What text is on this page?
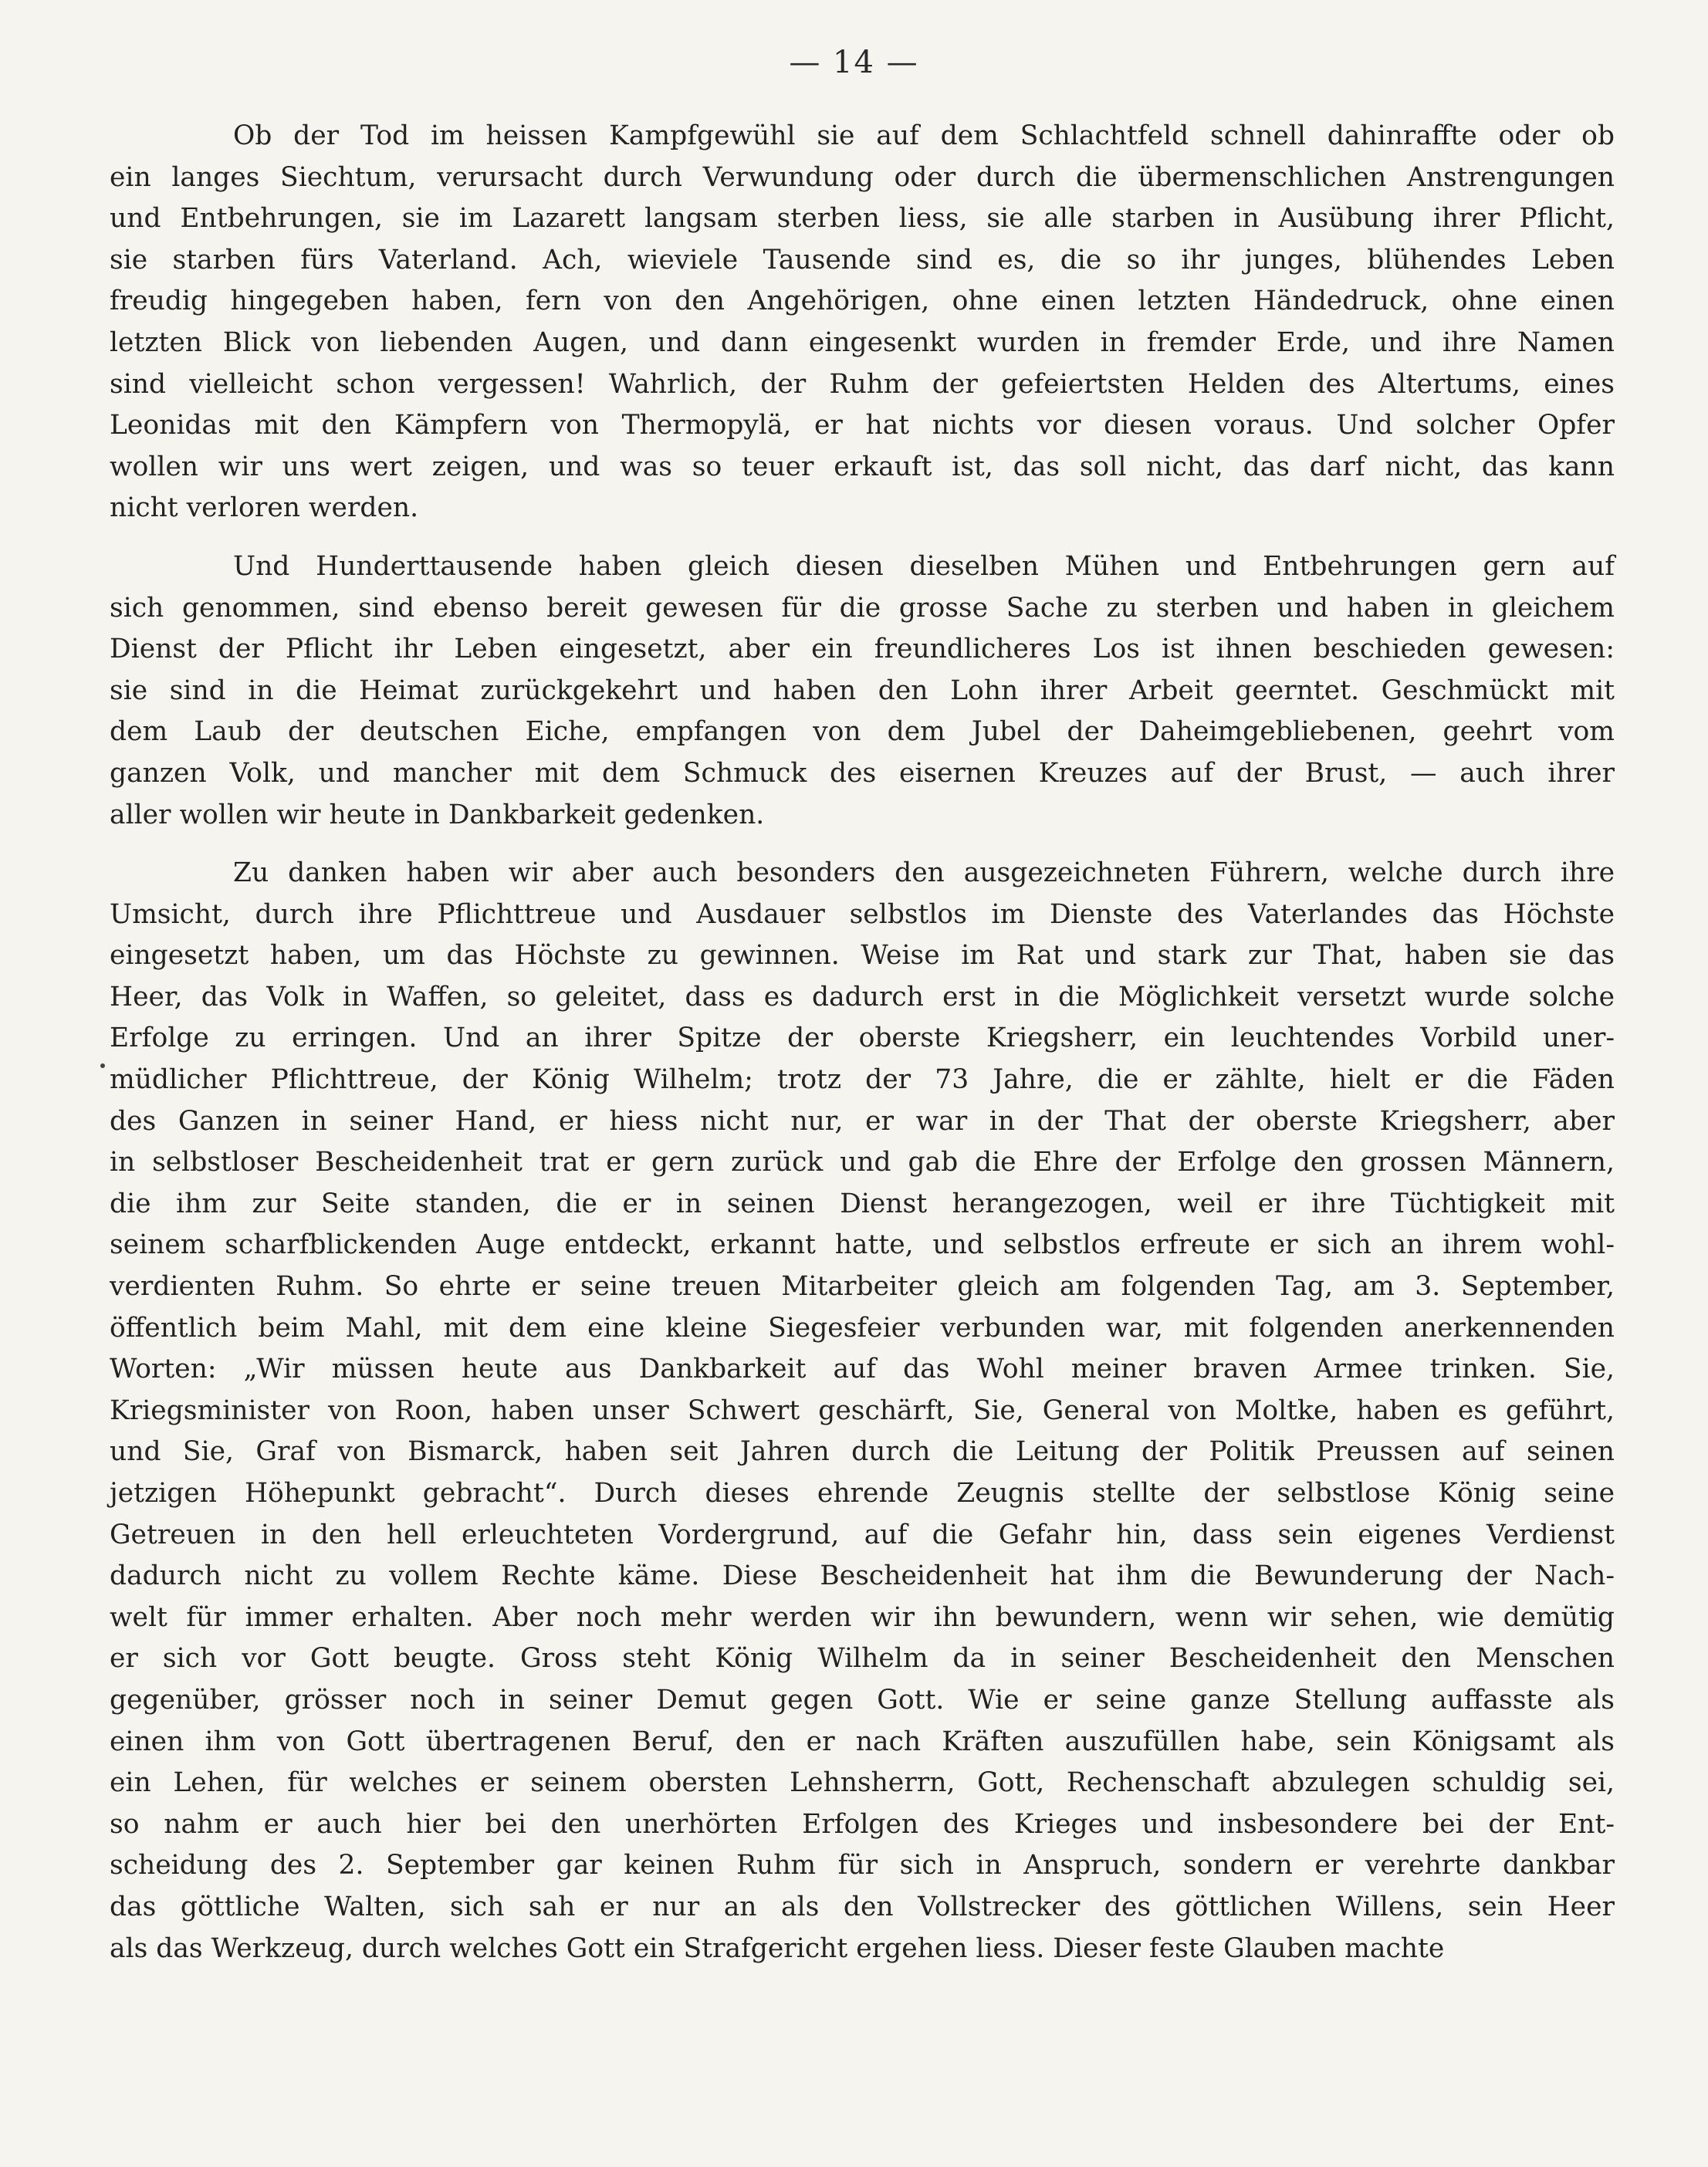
— 14 —
Ob der Tod im heissen Kampfgewühl sie auf dem Schlachtfeld schnell dahinraffte oder ob
ein langes Siechtum, verursacht durch Verwundung oder durch die übermenschlichen Anstrengungen
und Entbehrungen, sie im Lazarett langsam sterben liess, sie alle starben in Ausübung ihrer Pflicht,
sie starben fürs Vaterland. Ach, wieviele Tausende sind es, die so ihr junges, blühendes Leben
freudig hingegeben haben, fern von den Angehörigen, ohne einen letzten Händedruck, ohne einen
letzten Blick von liebenden Augen, und dann eingesenkt wurden in fremder Erde, und ihre Namen
sind vielleicht schon vergessen! Wahrlich, der Ruhm der gefeiertsten Helden des Altertums, eines
Leonidas mit den Kämpfern von Thermopylä, er hat nichts vor diesen voraus. Und solcher Opfer
wollen wir uns wert zeigen, und was so teuer erkauft ist, das soll nicht, das darf nicht, das kann
nicht verloren werden.
Und Hunderttausende haben gleich diesen dieselben Mühen und Entbehrungen gern auf
sich genommen, sind ebenso bereit gewesen für die grosse Sache zu sterben und haben in gleichem
Dienst der Pflicht ihr Leben eingesetzt, aber ein freundlicheres Los ist ihnen beschieden gewesen:
sie sind in die Heimat zurückgekehrt und haben den Lohn ihrer Arbeit geerntet. Geschmückt mit
dem Laub der deutschen Eiche, empfangen von dem Jubel der Daheimgebliebenen, geehrt vom
ganzen Volk, und mancher mit dem Schmuck des eisernen Kreuzes auf der Brust, — auch ihrer
aller wollen wir heute in Dankbarkeit gedenken.
Zu danken haben wir aber auch besonders den ausgezeichneten Führern, welche durch ihre
Umsicht, durch ihre Pflichttreue und Ausdauer selbstlos im Dienste des Vaterlandes das Höchste
eingesetzt haben, um das Höchste zu gewinnen. Weise im Rat und stark zur That, haben sie das
Heer, das Volk in Waffen, so geleitet, dass es dadurch erst in die Möglichkeit versetzt wurde solche
Erfolge zu erringen. Und an ihrer Spitze der oberste Kriegsherr, ein leuchtendes Vorbild uner-
müdlicher Pflichttreue, der König Wilhelm; trotz der 73 Jahre, die er zählte, hielt er die Fäden
des Ganzen in seiner Hand, er hiess nicht nur, er war in der That der oberste Kriegsherr, aber
in selbstloser Bescheidenheit trat er gern zurück und gab die Ehre der Erfolge den grossen Männern,
die ihm zur Seite standen, die er in seinen Dienst herangezogen, weil er ihre Tüchtigkeit mit
seinem scharfblickenden Auge entdeckt, erkannt hatte, und selbstlos erfreute er sich an ihrem wohl-
verdienten Ruhm. So ehrte er seine treuen Mitarbeiter gleich am folgenden Tag, am 3. September,
öffentlich beim Mahl, mit dem eine kleine Siegesfeier verbunden war, mit folgenden anerkennenden
Worten: „Wir müssen heute aus Dankbarkeit auf das Wohl meiner braven Armee trinken. Sie,
Kriegsminister von Roon, haben unser Schwert geschärft, Sie, General von Moltke, haben es geführt,
und Sie, Graf von Bismarck, haben seit Jahren durch die Leitung der Politik Preussen auf seinen
jetzigen Höhepunkt gebracht“. Durch dieses ehrende Zeugnis stellte der selbstlose König seine
Getreuen in den hell erleuchteten Vordergrund, auf die Gefahr hin, dass sein eigenes Verdienst
dadurch nicht zu vollem Rechte käme. Diese Bescheidenheit hat ihm die Bewunderung der Nach-
welt für immer erhalten. Aber noch mehr werden wir ihn bewundern, wenn wir sehen, wie demütig
er sich vor Gott beugte. Gross steht König Wilhelm da in seiner Bescheidenheit den Menschen
gegenüber, grösser noch in seiner Demut gegen Gott. Wie er seine ganze Stellung auffasste als
einen ihm von Gott übertragenen Beruf, den er nach Kräften auszufüllen habe, sein Königsamt als
ein Lehen, für welches er seinem obersten Lehnsherrn, Gott, Rechenschaft abzulegen schuldig sei,
so nahm er auch hier bei den unerhörten Erfolgen des Krieges und insbesondere bei der Ent-
scheidung des 2. September gar keinen Ruhm für sich in Anspruch, sondern er verehrte dankbar
das göttliche Walten, sich sah er nur an als den Vollstrecker des göttlichen Willens, sein Heer
als das Werkzeug, durch welches Gott ein Strafgericht ergehen liess. Dieser feste Glauben machte
